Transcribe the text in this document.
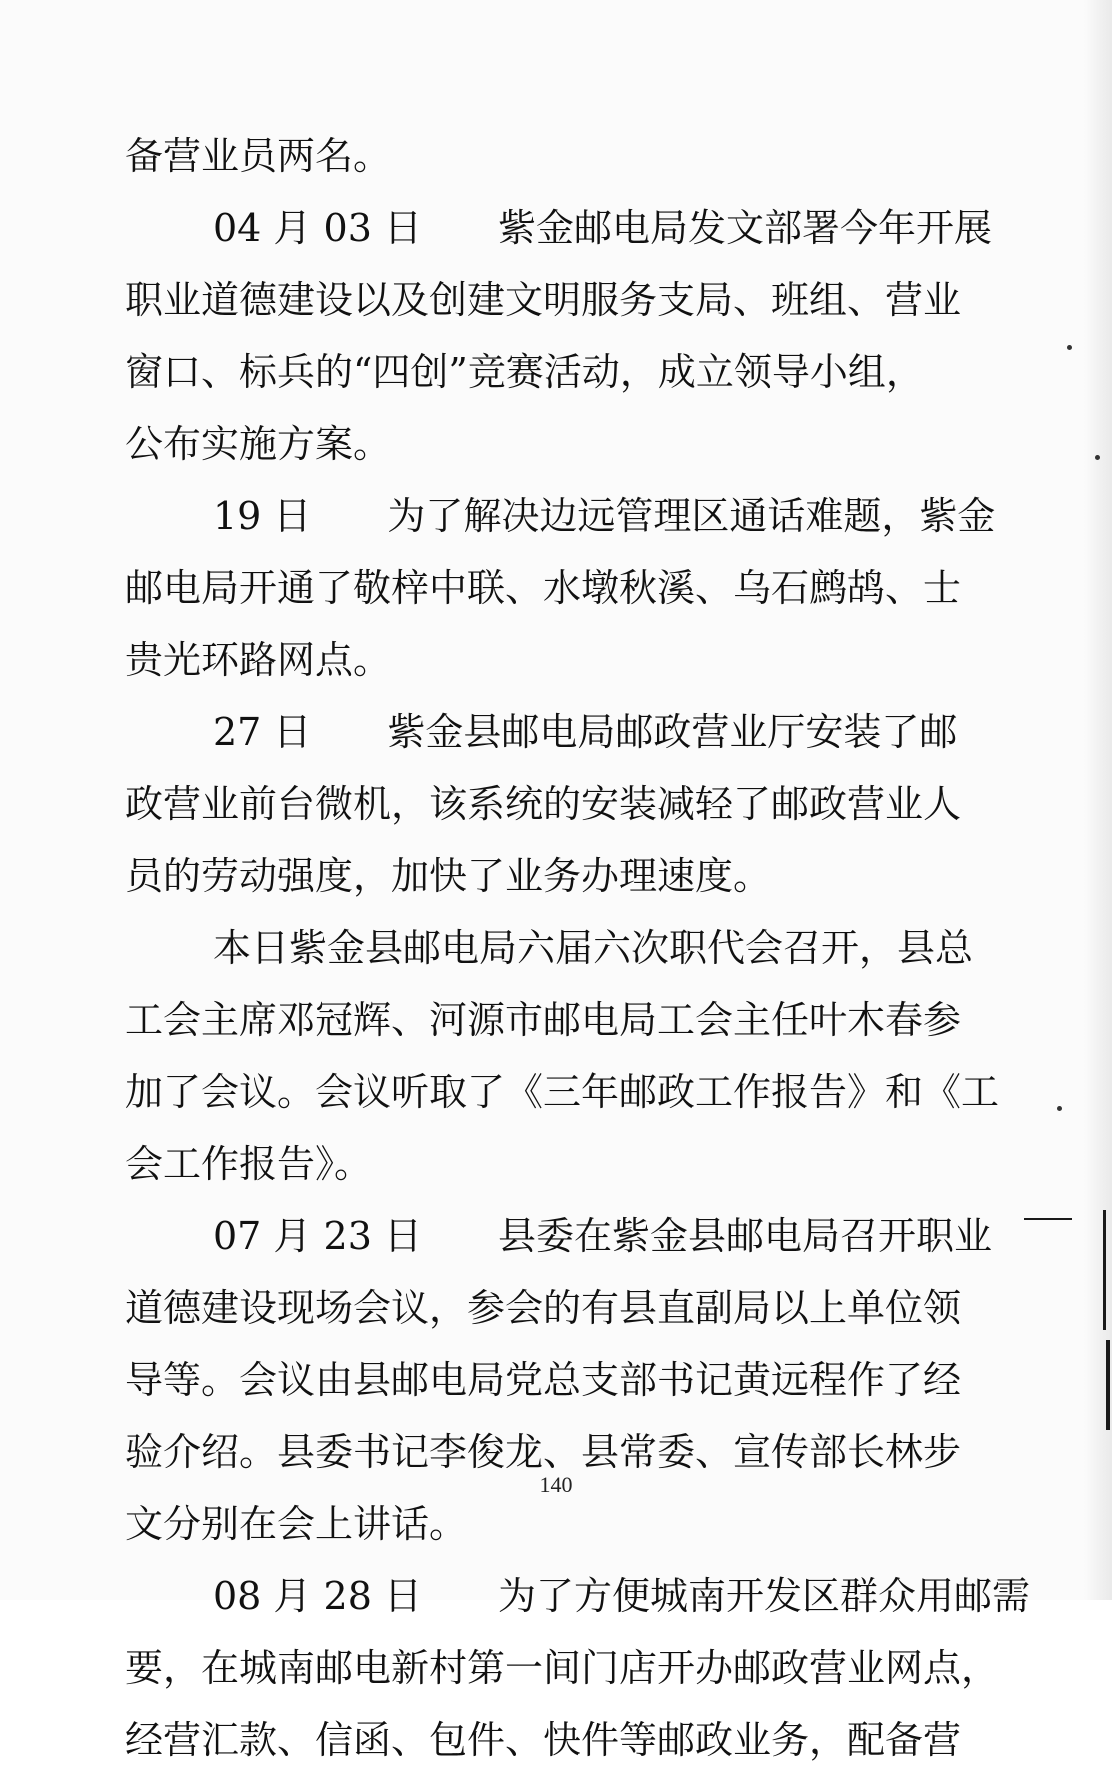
备营业员两名。
04 月 03 日　　紫金邮电局发文部署今年开展
职业道德建设以及创建文明服务支局、班组、营业
窗口、标兵的“四创”竞赛活动，成立领导小组，
公布实施方案。
19 日　　为了解决边远管理区通话难题，紫金
邮电局开通了敬梓中联、水墩秋溪、乌石鹧鸪、士
贵光环路网点。
27 日　　紫金县邮电局邮政营业厅安装了邮
政营业前台微机，该系统的安装减轻了邮政营业人
员的劳动强度，加快了业务办理速度。
本日紫金县邮电局六届六次职代会召开，县总
工会主席邓冠辉、河源市邮电局工会主任叶木春参
加了会议。会议听取了《三年邮政工作报告》和《工
会工作报告》。
07 月 23 日　　县委在紫金县邮电局召开职业
道德建设现场会议，参会的有县直副局以上单位领
导等。会议由县邮电局党总支部书记黄远程作了经
验介绍。县委书记李俊龙、县常委、宣传部长林步
文分别在会上讲话。
08 月 28 日　　为了方便城南开发区群众用邮需
要，在城南邮电新村第一间门店开办邮政营业网点，
经营汇款、信函、包件、快件等邮政业务，配备营
140
